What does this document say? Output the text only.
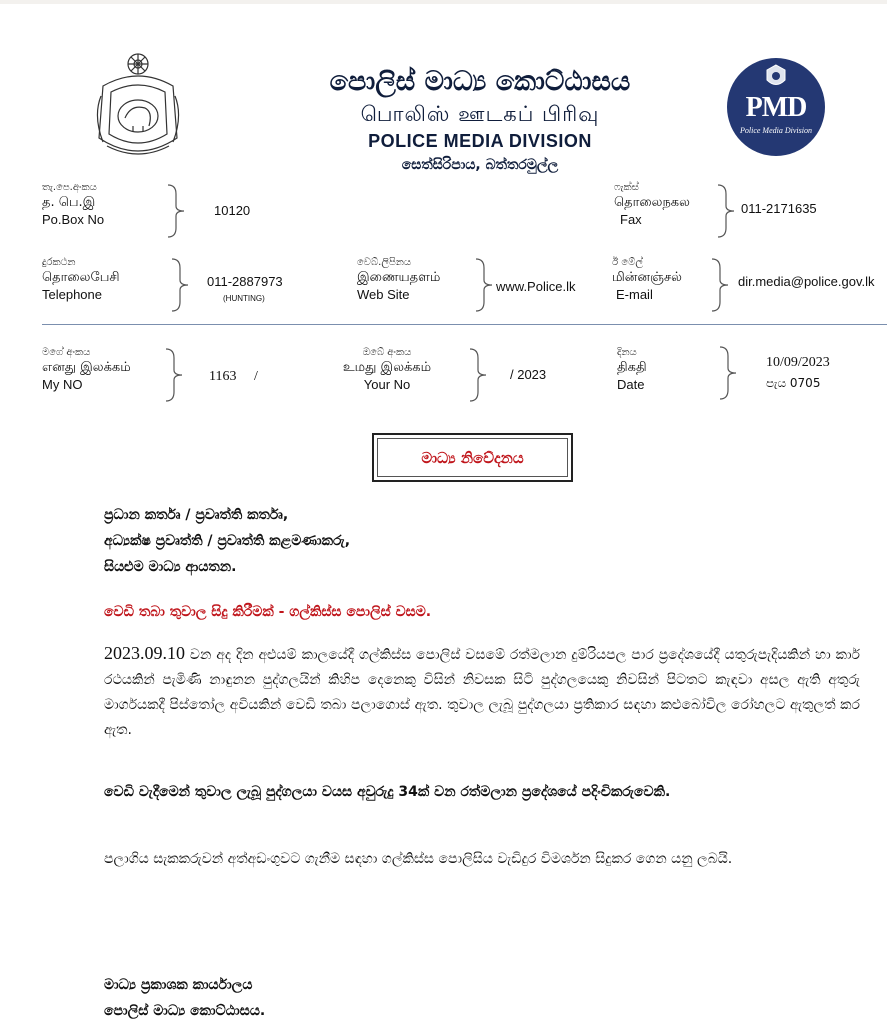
පොලිස් මාධ්‍ය කොට්ඨාසය
பொலிஸ் ஊடகப் பிரிவு
POLICE MEDIA DIVISION
සෙත්සිරිපාය, බත්තරමුල්ල
PMD
Police Media Division
තැ.පෙ.අංකය
த. பெ.இ
Po.Box No
10120
ෆැක්ස්
தொலைநகல
Fax
011-2171635
දුරකථන
தொலைபேசி
Telephone
011-2887973
(HUNTING)
වෙබ්.ලිපිනය
இணையதளம்
Web Site
www.Police.lk
ඊ මේල්
மின்னஞ்சல்
E-mail
dir.media@police.gov.lk
මගේ අංකය
எனது இலக்கம்
My NO
1163 /
ඔබේ අංකය
உமது இலக்கம்
Your No
/ 2023
දිනය
திகதி
Date
10/09/2023
පැය 0705
මාධ්‍ය නිවේදනය
ප්‍රධාන කර්තෘ / ප්‍රවෘත්ති කර්තෘ,
අධ්‍යක්ෂ ප්‍රවෘත්ති / ප්‍රවෘත්ති කළමණාකරු,
සියළුම මාධ්‍ය ආයතන.
වෙඩි තබා තුවාල සිදු කිරීමක් - ගල්කිස්ස පොලිස් වසම.
2023.09.10 වන අද දින අළුයම් කාලයේදී ගල්කිස්ස පොලිස් වසමේ රත්මලාන දුම්රියපල පාර ප්‍රදේශයේදී යතුරුපැදියකින් හා කාර් රථයකින් පැමිණි නාඳුනන පුද්ගලයින් කිහිප දෙනෙකු විසින් නිවසක සිටි පුද්ගලයෙකු නිවසින් පිටතට කැඳවා අසල ඇති අතුරු මාර්ගයකදී පිස්තෝල අවියකින් වෙඩි තබා පලාගොස් ඇත. තුවාල ලැබූ පුද්ගලයා ප්‍රතිකාර සඳහා කළුබෝවිල රෝහලට ඇතුලත් කර ඇත.
වෙඩි වැදීමෙන් තුවාල ලැබූ පුද්ගලයා වයස අවුරුදු 34ක් වන රත්මලාන ප්‍රදේශයේ පදිංචිකරුවෙකි.
පලාගිය සැකකරුවන් අත්අඩංගුවට ගැනීම සඳහා ගල්කිස්ස පොලිසිය වැඩිදුර විමර්ශන සිදුකර ගෙන යනු ලබයි.
මාධ්‍ය ප්‍රකාශක කාර්යාලය
පොලිස් මාධ්‍ය කොට්ඨාසය.
